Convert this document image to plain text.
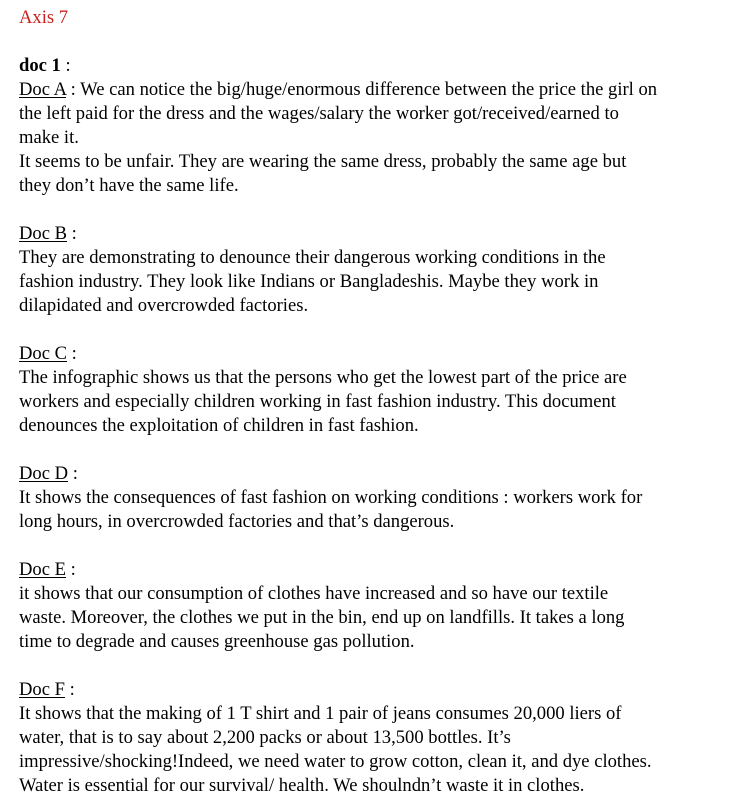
Axis 7
doc 1 :
Doc A : We can notice the big/huge/enormous difference between the price the girl on
the left paid for the dress and the wages/salary the worker got/received/earned to
make it.
It seems to be unfair. They are wearing the same dress, probably the same age but
they don’t have the same life.
Doc B :
They are demonstrating to denounce their dangerous working conditions in the
fashion industry. They look like Indians or Bangladeshis. Maybe they work in
dilapidated and overcrowded factories.
Doc C :
The infographic shows us that the persons who get the lowest part of the price are
workers and especially children working in fast fashion industry. This document
denounces the exploitation of children in fast fashion.
Doc D :
It shows the consequences of fast fashion on working conditions : workers work for
long hours, in overcrowded factories and that’s dangerous.
Doc E :
it shows that our consumption of clothes have increased and so have our textile
waste. Moreover, the clothes we put in the bin, end up on landfills. It takes a long
time to degrade and causes greenhouse gas pollution.
Doc F :
It shows that the making of 1 T shirt and 1 pair of jeans consumes 20,000 liers of
water, that is to say about 2,200 packs or about 13,500 bottles. It’s
impressive/shocking!Indeed, we need water to grow cotton, clean it, and dye clothes.
Water is essential for our survival/ health. We shoulndn’t waste it in clothes.
